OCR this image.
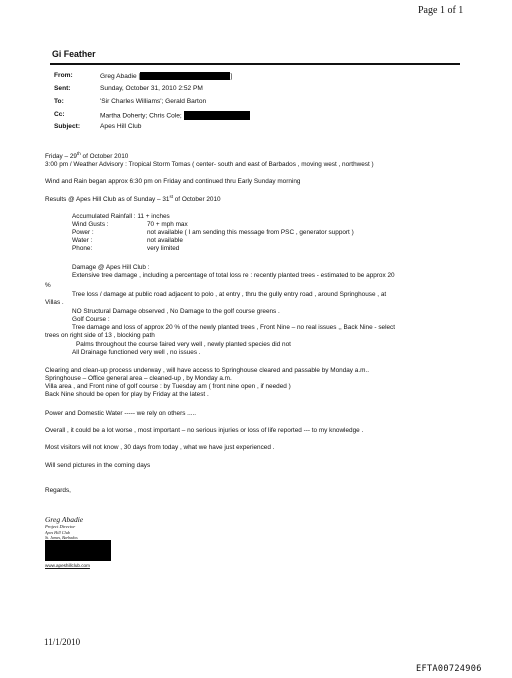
Page 1 of 1
Gi Feather
From:	Greg Abadie [	]
Sent:	Sunday, October 31, 2010 2:52 PM
To:	'Sir Charles Williams'; Gerald Barton
Cc:	Martha Doherty; Chris Cole;
Subject:	Apes Hill Club
Friday – 29th of October 2010
3:00 pm / Weather Advisory : Tropical Storm Tomas ( center- south and east of Barbados , moving west , northwest )
Wind and Rain began approx 6:30 pm on Friday and continued thru Early Sunday morning
Results @ Apes Hill Club as of Sunday – 31st of October 2010
Accumulated Rainfall : 11 + inches
Wind Gusts :	70 + mph max
Power :	not available ( I am sending this message from PSC , generator support )
Water :	not available
Phone:	very limited
Damage @ Apes Hill Club :
Extensive tree damage , including a percentage of total loss re : recently planted trees - estimated to be approx 20
%
Tree loss / damage at public road adjacent to polo , at entry , thru the gully entry road , around Springhouse , at
Villas .
NO Structural Damage observed , No Damage to the golf course greens .
Golf Course :
Tree damage and loss of approx 20 % of the newly planted trees , Front Nine – no real issues ,, Back Nine - select
trees on right side of 13 , blocking path
Palms throughout the course faired very well , newly planted species did not
All Drainage functioned very well , no issues .
Clearing and clean-up process underway , will have access to Springhouse cleared and passable by Monday a.m..
Springhouse – Office general area – cleaned-up , by Monday a.m.
Villa area , and Front nine of golf course : by Tuesday am ( front nine open , if needed )
Back Nine should be open for play by Friday at the latest .
Power and Domestic Water ----- we rely on others .....
Overall , it could be a lot worse , most important – no serious injuries or loss of life reported --- to my knowledge .
Most visitors will not know , 30 days from today , what we have just experienced .
Will send pictures in the coming days
Regards,
Greg Abadie
Project Director
Apes Hill Club
St. James, Barbados
www.apeshillclub.com
11/1/2010
EFTA00724906
